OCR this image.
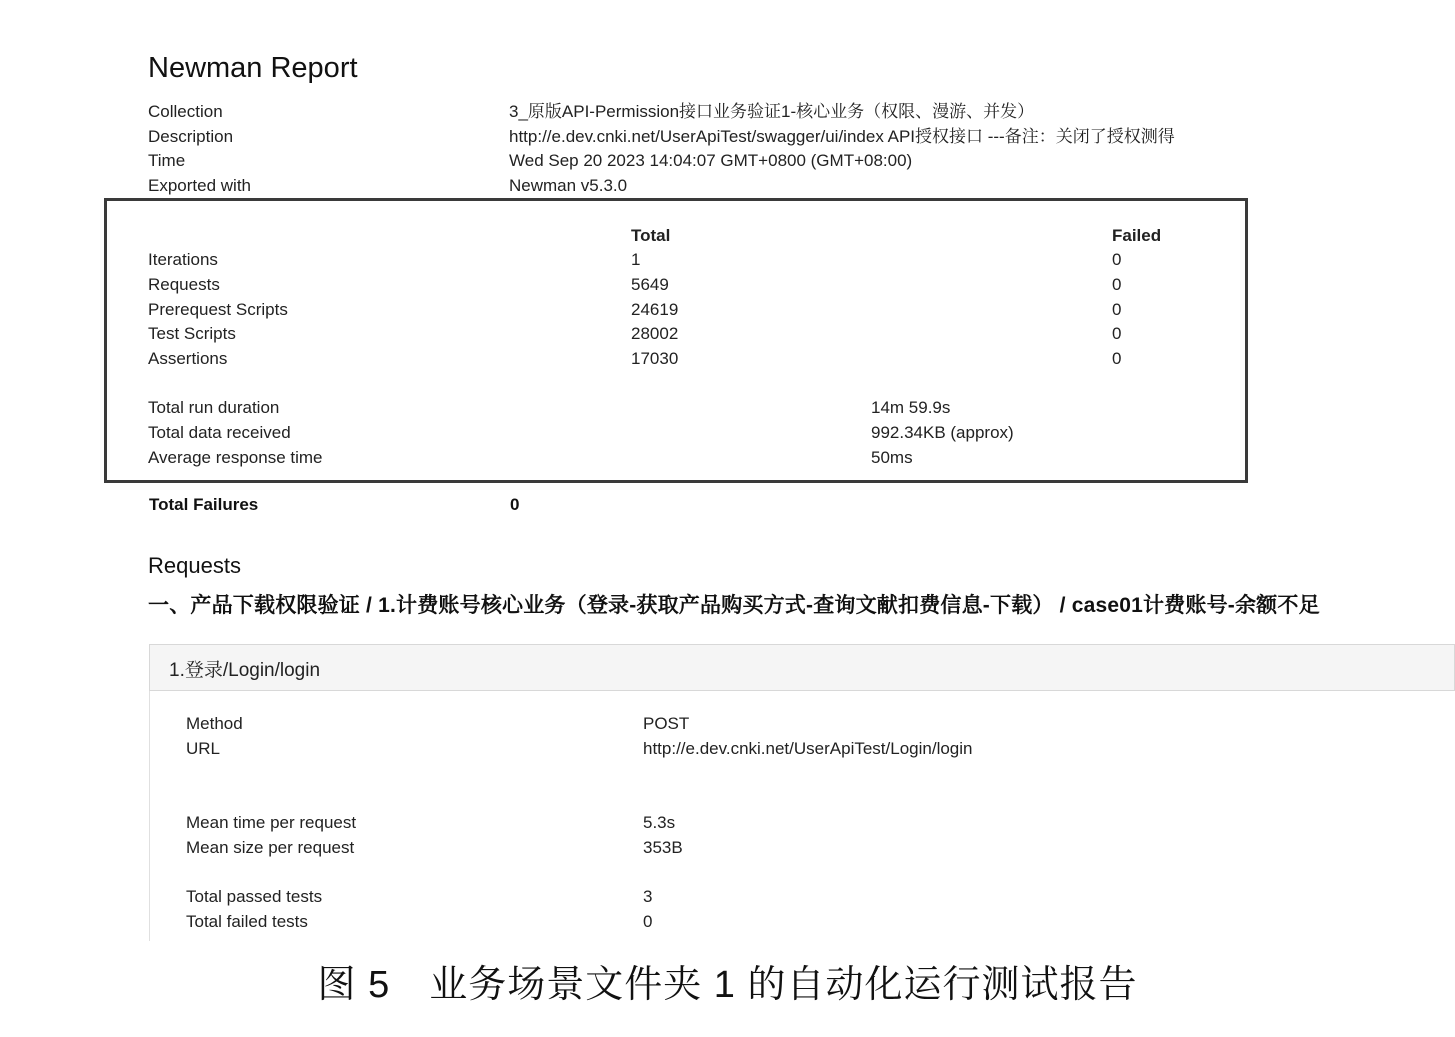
Newman Report
Collection	3_原版API-Permission接口业务验证1-核心业务（权限、漫游、并发）
Description	http://e.dev.cnki.net/UserApiTest/swagger/ui/index API授权接口 ---备注：关闭了授权测得
Time	Wed Sep 20 2023 14:04:07 GMT+0800 (GMT+08:00)
Exported with	Newman v5.3.0
Total	Failed
Iterations	1	0
Requests	5649	0
Prerequest Scripts	24619	0
Test Scripts	28002	0
Assertions	17030	0
Total run duration	14m 59.9s
Total data received	992.34KB (approx)
Average response time	50ms
Total Failures	0
Requests
一、产品下载权限验证 / 1.计费账号核心业务（登录-获取产品购买方式-查询文献扣费信息-下载） / case01计费账号-余额不足
1.登录/Login/login
Method	POST
URL	http://e.dev.cnki.net/UserApiTest/Login/login
Mean time per request	5.3s
Mean size per request	353B
Total passed tests	3
Total failed tests	0
图 5　业务场景文件夹 1 的自动化运行测试报告
